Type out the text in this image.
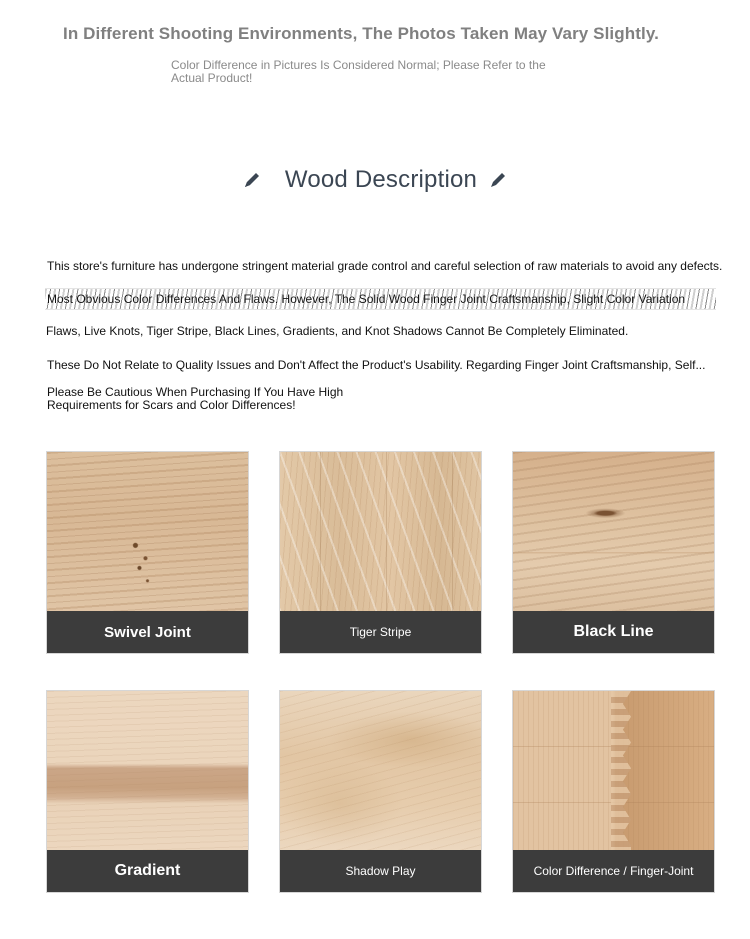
In Different Shooting Environments, The Photos Taken May Vary Slightly.
Color Difference in Pictures Is Considered Normal; Please Refer to the Actual Product!
Wood Description
This store's furniture has undergone stringent material grade control and careful selection of raw materials to avoid any defects.
Most Obvious Color Differences And Flaws. However, The Solid Wood Finger Joint Craftsmanship, Slight Color Variation
Flaws, Live Knots, Tiger Stripe, Black Lines, Gradients, and Knot Shadows Cannot Be Completely Eliminated.
These Do Not Relate to Quality Issues and Don't Affect the Product's Usability. Regarding Finger Joint Craftsmanship, Self...
Please Be Cautious When Purchasing If You Have High Requirements for Scars and Color Differences!
Swivel Joint	Tiger Stripe	Black Line
Gradient	Shadow Play	Color Difference / Finger-Joint
